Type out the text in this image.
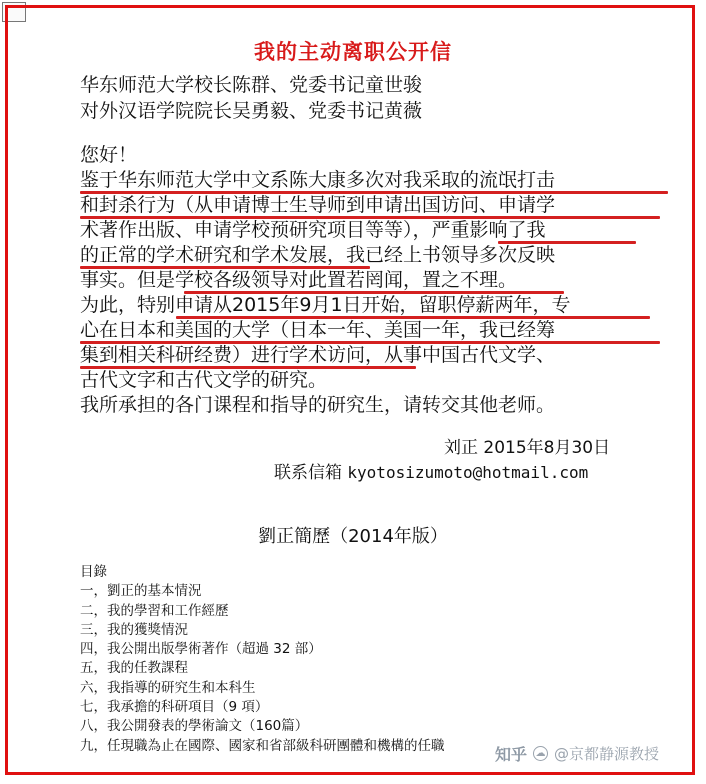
我的主动离职公开信
华东师范大学校长陈群、党委书记童世骏
对外汉语学院院长吴勇毅、党委书记黄薇
您好！
鉴于华东师范大学中文系陈大康多次对我采取的流氓打击
和封杀行为（从申请博士生导师到申请出国访问、申请学
术著作出版、申请学校预研究项目等等），严重影响了我
的正常的学术研究和学术发展，我已经上书领导多次反映
事实。但是学校各级领导对此置若罔闻，置之不理。
为此，特别申请从2015年9月1日开始，留职停薪两年，专
心在日本和美国的大学（日本一年、美国一年，我已经筹
集到相关科研经费）进行学术访问，从事中国古代文学、
古代文字和古代文学的研究。
我所承担的各门课程和指导的研究生，请转交其他老师。
刘正 2015年8月30日
联系信箱 kyotosizumoto@hotmail.com
劉正簡歷（2014年版）
目錄
一，劉正的基本情況
二，我的學習和工作經歷
三，我的獲獎情況
四，我公開出版學術著作（超過 32 部）
五，我的任教課程
六，我指導的研究生和本科生
七，我承擔的科研項目（9 項）
八，我公開發表的學術論文（160篇）
九，任現職為止在國際、國家和省部級科研團體和機構的任職	知乎 ☁ @京都静源教授
